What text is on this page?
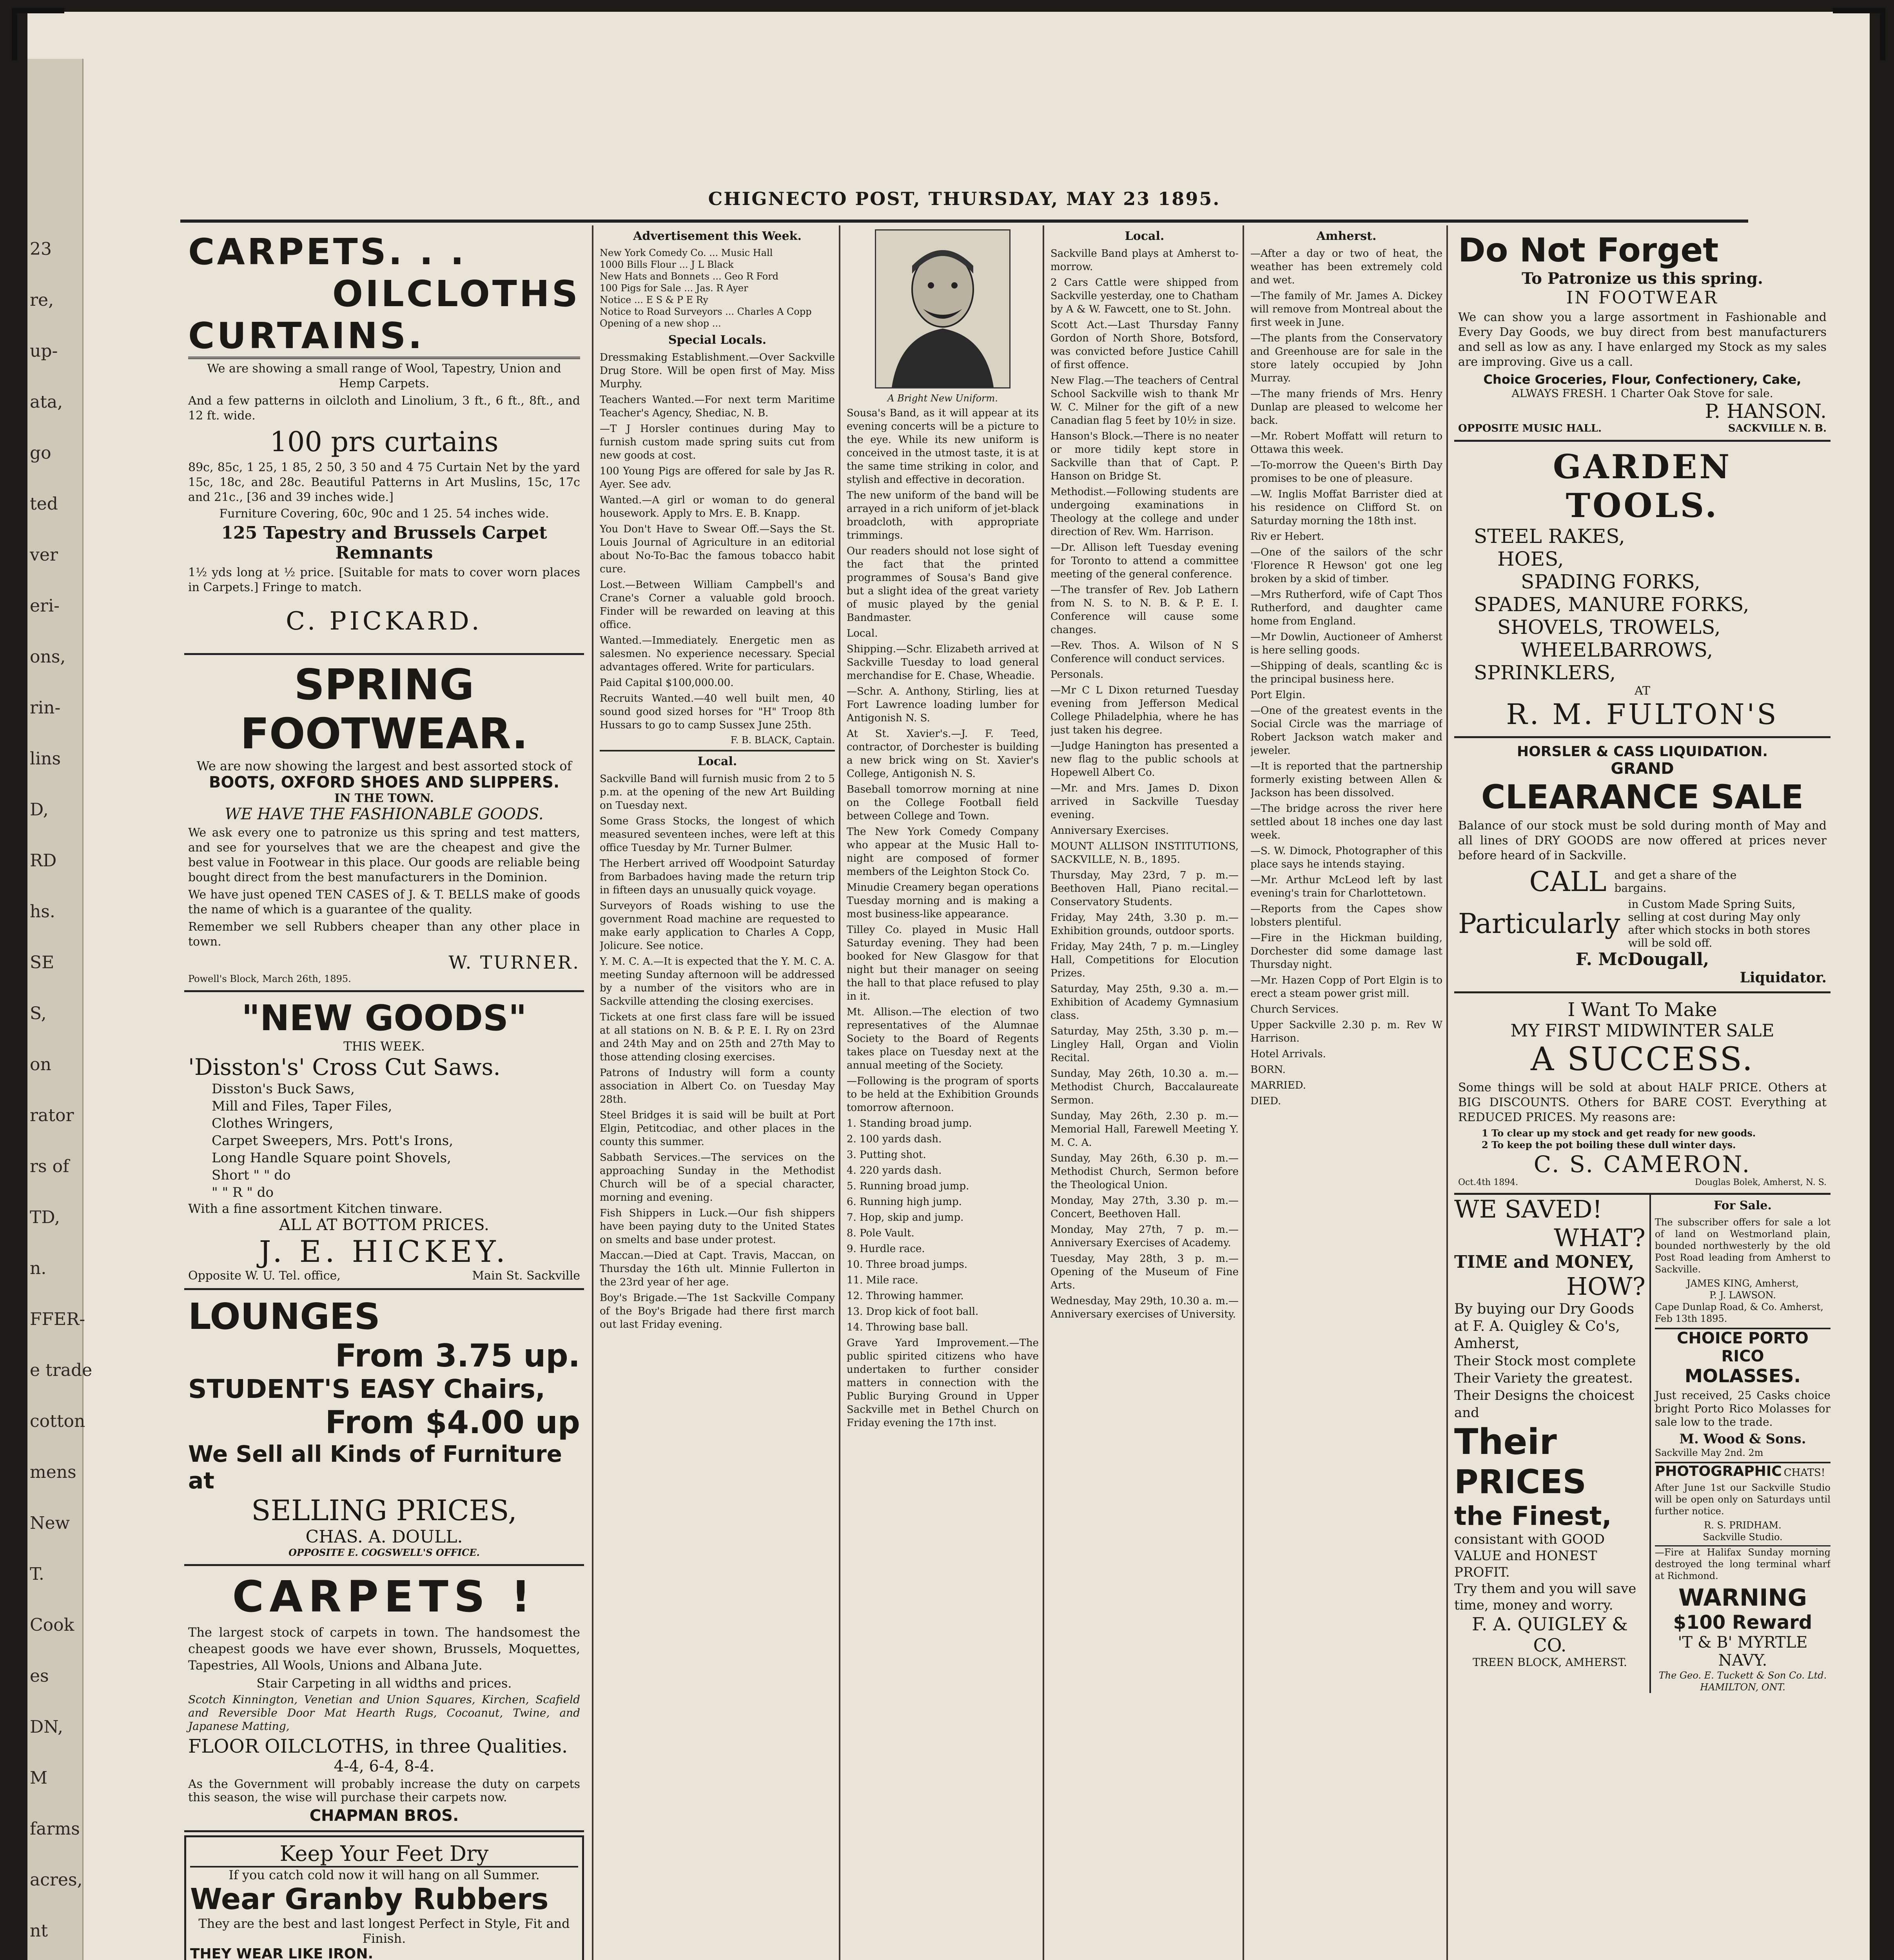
CHIGNECTO POST, THURSDAY, MAY 23 1895.
CARPETS. . .
OILCLOTHS
CURTAINS.

We are showing a small range of Wool, Tapestry, Union and Hemp Carpets.

And a few patterns in oilcloth and Linolium, 3 ft., 6 ft., 8ft., and 12 ft. wide.

100 prs curtains

89c, 85c, 1 25, 1 85, 2 50, 3 50 and 4 75 Curtain Net by the yard 15c, 18c, and 28c. Beautiful Patterns in Art Muslins, 15c, 17c and 21c., [36 and 39 inches wide.]

Furniture Covering, 60c, 90c and 1 25. 54 inches wide.

125 Tapestry and Brussels Carpet Remnants

1½ yds long at ½ price. [Suitable for mats to cover worn places in Carpets.] Fringe to match.

C. PICKARD.
SPRING FOOTWEAR.
We are now showing the largest and best assorted stock of
BOOTS, OXFORD SHOES AND SLIPPERS.
IN THE TOWN.
WE HAVE THE FASHIONABLE GOODS.

We ask every one to patronize us this spring and test matters, and see for yourselves that we are the cheapest and give the best value in Footwear in this place. Our goods are reliable being bought direct from the best manufacturers in the Dominion.

We have just opened TEN CASES of J. & T. BELLS make of goods the name of which is a guarantee of the quality.

Remember we sell Rubbers cheaper than any other place in town.

W. TURNER.
Powell's Block, March 26th, 1895.
"NEW GOODS"
THIS WEEK.
'Disston's' Cross Cut Saws.
Disston's Buck Saws,
Mill and Files, Taper Files,
Clothes Wringers,
Carpet Sweepers, Mrs. Pott's Irons,
Long Handle Square point Shovels,
Short " " do
" " R " do
With a fine assortment Kitchen tinware.
ALL AT BOTTOM PRICES.
J. E. HICKEY.
Opposite W. U. Tel. office,	Main St. Sackville
LOUNGES
From 3.75 up.
STUDENT'S EASY Chairs,
From $4.00 up
We Sell all Kinds of Furniture at
SELLING PRICES,
CHAS. A. DOULL.
OPPOSITE E. COGSWELL'S OFFICE.
CARPETS !

The largest stock of carpets in town. The handsomest the cheapest goods we have ever shown, Brussels, Moquettes, Tapestries, All Wools, Unions and Albana Jute.

Stair Carpeting in all widths and prices.

Scotch Kinnington, Venetian and Union Squares, Kirchen, Scafield and Reversible Door Mat Hearth Rugs, Cocoanut, Twine, and Japanese Matting,

FLOOR OILCLOTHS, in three Qualities.
4-4, 6-4, 8-4.

As the Government will probably increase the duty on carpets this season, the wise will purchase their carpets now.

CHAPMAN BROS.
Keep Your Feet Dry
If you catch cold now it will hang on all Summer.
Wear Granby Rubbers
They are the best and last longest Perfect in Style, Fit and Finish.
THEY WEAR LIKE IRON.
Advertisement this Week.
New York Comedy Co. ... Music Hall
1000 Bills Flour ... J L Black
New Hats and Bonnets ... Geo R Ford
100 Pigs for Sale ... Jas. R Ayer
Notice ... E S & P E Ry
Notice to Road Surveyors ... Charles A Copp
Opening of a new shop ...
Special Locals.
Dressmaking Establishment.—Over Sackville Drug Store. Will be open first of May. Miss Murphy.
Teachers Wanted.—For next term Maritime Teacher's Agency, Shediac, N. B.
—T J Horsler continues during May to furnish custom made spring suits cut from new goods at cost.
100 Young Pigs are offered for sale by Jas R. Ayer. See adv.
Wanted.—A girl or woman to do general housework. Apply to Mrs. E. B. Knapp.
You Don't Have to Swear Off.—Says the St. Louis Journal of Agriculture in an editorial about No-To-Bac the famous tobacco habit cure.
Lost.—Between William Campbell's and Crane's Corner a valuable gold brooch. Finder will be rewarded on leaving at this office.
Wanted.—Immediately. Energetic men as salesmen. No experience necessary. Special advantages offered. Write for particulars.
Paid Capital $100,000.00.
Recruits Wanted.—40 well built men, 40 sound good sized horses for "H" Troop 8th Hussars to go to camp Sussex June 25th.
F. B. BLACK, Captain.
Local.
Sackville Band will furnish music from 2 to 5 p.m. at the opening of the new Art Building on Tuesday next.
Some Grass Stocks, the longest of which measured seventeen inches, were left at this office Tuesday by Mr. Turner Bulmer.
The Herbert arrived off Woodpoint Saturday from Barbadoes having made the return trip in fifteen days an unusually quick voyage.
Surveyors of Roads wishing to use the government Road machine are requested to make early application to Charles A Copp, Jolicure. See notice.
Y. M. C. A.—It is expected that the Y. M. C. A. meeting Sunday afternoon will be addressed by a number of the visitors who are in Sackville attending the closing exercises.
Tickets at one first class fare will be issued at all stations on N. B. & P. E. I. Ry on 23rd and 24th May and on 25th and 27th May to those attending closing exercises.
Patrons of Industry will form a county association in Albert Co. on Tuesday May 28th.
Steel Bridges it is said will be built at Port Elgin, Petitcodiac, and other places in the county this summer.
Sabbath Services.—The services on the approaching Sunday in the Methodist Church will be of a special character, morning and evening.
Fish Shippers in Luck.—Our fish shippers have been paying duty to the United States on smelts and base under protest.
Maccan.—Died at Capt. Travis, Maccan, on Thursday the 16th ult. Minnie Fullerton in the 23rd year of her age.
Boy's Brigade.—The 1st Sackville Company of the Boy's Brigade had there first march out last Friday evening.
A Bright New Uniform.
Sousa's Band, as it will appear at its evening concerts will be a picture to the eye. While its new uniform is conceived in the utmost taste, it is at the same time striking in color, and stylish and effective in decoration.
The new uniform of the band will be arrayed in a rich uniform of jet-black broadcloth, with appropriate trimmings.
Our readers should not lose sight of the fact that the printed programmes of Sousa's Band give but a slight idea of the great variety of music played by the genial Bandmaster.
Local.
Shipping.—Schr. Elizabeth arrived at Sackville Tuesday to load general merchandise for E. Chase, Wheadie.
—Schr. A. Anthony, Stirling, lies at Fort Lawrence loading lumber for Antigonish N. S.
At St. Xavier's.—J. F. Teed, contractor, of Dorchester is building a new brick wing on St. Xavier's College, Antigonish N. S.
Baseball tomorrow morning at nine on the College Football field between College and Town.
The New York Comedy Company who appear at the Music Hall to-night are composed of former members of the Leighton Stock Co.
Minudie Creamery began operations Tuesday morning and is making a most business-like appearance.
Tilley Co. played in Music Hall Saturday evening. They had been booked for New Glasgow for that night but their manager on seeing the hall to that place refused to play in it.
Mt. Allison.—The election of two representatives of the Alumnae Society to the Board of Regents takes place on Tuesday next at the annual meeting of the Society.
—Following is the program of sports to be held at the Exhibition Grounds tomorrow afternoon.
1. Standing broad jump.
2. 100 yards dash.
3. Putting shot.
4. 220 yards dash.
5. Running broad jump.
6. Running high jump.
7. Hop, skip and jump.
8. Pole Vault.
9. Hurdle race.
10. Three broad jumps.
11. Mile race.
12. Throwing hammer.
13. Drop kick of foot ball.
14. Throwing base ball.
Grave Yard Improvement.—The public spirited citizens who have undertaken to further consider matters in connection with the Public Burying Ground in Upper Sackville met in Bethel Church on Friday evening the 17th inst.
Local.
Sackville Band plays at Amherst to-morrow.
2 Cars Cattle were shipped from Sackville yesterday, one to Chatham by A & W. Fawcett, one to St. John.
Scott Act.—Last Thursday Fanny Gordon of North Shore, Botsford, was convicted before Justice Cahill of first offence.
New Flag.—The teachers of Central School Sackville wish to thank Mr W. C. Milner for the gift of a new Canadian flag 5 feet by 10½ in size.
Hanson's Block.—There is no neater or more tidily kept store in Sackville than that of Capt. P. Hanson on Bridge St.
Methodist.—Following students are undergoing examinations in Theology at the college and under direction of Rev. Wm. Harrison.
—Dr. Allison left Tuesday evening for Toronto to attend a committee meeting of the general conference.
—The transfer of Rev. Job Lathern from N. S. to N. B. & P. E. I. Conference will cause some changes.
—Rev. Thos. A. Wilson of N S Conference will conduct services.
Personals.
—Mr C L Dixon returned Tuesday evening from Jefferson Medical College Philadelphia, where he has just taken his degree.
—Judge Hanington has presented a new flag to the public schools at Hopewell Albert Co.
—Mr. and Mrs. James D. Dixon arrived in Sackville Tuesday evening.
Anniversary Exercises.
MOUNT ALLISON INSTITUTIONS, SACKVILLE, N. B., 1895.
Thursday, May 23rd, 7 p. m.—Beethoven Hall, Piano recital.—Conservatory Students.
Friday, May 24th, 3.30 p. m.—Exhibition grounds, outdoor sports.
Friday, May 24th, 7 p. m.—Lingley Hall, Competitions for Elocution Prizes.
Saturday, May 25th, 9.30 a. m.—Exhibition of Academy Gymnasium class.
Saturday, May 25th, 3.30 p. m.—Lingley Hall, Organ and Violin Recital.
Sunday, May 26th, 10.30 a. m.—Methodist Church, Baccalaureate Sermon.
Sunday, May 26th, 2.30 p. m.—Memorial Hall, Farewell Meeting Y. M. C. A.
Sunday, May 26th, 6.30 p. m.—Methodist Church, Sermon before the Theological Union.
Monday, May 27th, 3.30 p. m.—Concert, Beethoven Hall.
Monday, May 27th, 7 p. m.—Anniversary Exercises of Academy.
Tuesday, May 28th, 3 p. m.—Opening of the Museum of Fine Arts.
Wednesday, May 29th, 10.30 a. m.—Anniversary exercises of University.
Amherst.
—After a day or two of heat, the weather has been extremely cold and wet.
—The family of Mr. James A. Dickey will remove from Montreal about the first week in June.
—The plants from the Conservatory and Greenhouse are for sale in the store lately occupied by John Murray.
—The many friends of Mrs. Henry Dunlap are pleased to welcome her back.
—Mr. Robert Moffatt will return to Ottawa this week.
—To-morrow the Queen's Birth Day promises to be one of pleasure.
—W. Inglis Moffat Barrister died at his residence on Clifford St. on Saturday morning the 18th inst.
Riv er Hebert.
—One of the sailors of the schr 'Florence R Hewson' got one leg broken by a skid of timber.
—Mrs Rutherford, wife of Capt Thos Rutherford, and daughter came home from England.
—Mr Dowlin, Auctioneer of Amherst is here selling goods.
—Shipping of deals, scantling &c is the principal business here.
Port Elgin.
—One of the greatest events in the Social Circle was the marriage of Robert Jackson watch maker and jeweler.
—It is reported that the partnership formerly existing between Allen & Jackson has been dissolved.
—The bridge across the river here settled about 18 inches one day last week.
—S. W. Dimock, Photographer of this place says he intends staying.
—Mr. Arthur McLeod left by last evening's train for Charlottetown.
—Reports from the Capes show lobsters plentiful.
—Fire in the Hickman building, Dorchester did some damage last Thursday night.
—Mr. Hazen Copp of Port Elgin is to erect a steam power grist mill.
Church Services.
Upper Sackville 2.30 p. m. Rev W Harrison.
Hotel Arrivals.
BORN.
MARRIED.
DIED.
Do Not Forget
To Patronize us this spring.
IN FOOTWEAR

We can show you a large assortment in Fashionable and Every Day Goods, we buy direct from best manufacturers and sell as low as any. I have enlarged my Stock as my sales are improving. Give us a call.

Choice Groceries, Flour, Confectionery, Cake,
ALWAYS FRESH. 1 Charter Oak Stove for sale.
P. HANSON.
OPPOSITE MUSIC HALL.	SACKVILLE N. B.
GARDEN
TOOLS.
STEEL RAKES,
HOES,
SPADING FORKS,
SPADES, MANURE FORKS,
SHOVELS, TROWELS,
WHEELBARROWS,
SPRINKLERS,
AT
R. M. FULTON'S
HORSLER & CASS LIQUIDATION.
GRAND
CLEARANCE SALE

Balance of our stock must be sold during month of May and all lines of DRY GOODS are now offered at prices never before heard of in Sackville.

CALL and get a share of the bargains.
Particularly
in Custom Made Spring Suits, selling at cost during May only after which stocks in both stores will be sold off.
F. McDougall,
Liquidator.
I Want To Make
MY FIRST MIDWINTER SALE
A SUCCESS.

Some things will be sold at about HALF PRICE. Others at BIG DISCOUNTS. Others for BARE COST. Everything at REDUCED PRICES. My reasons are:

1 To clear up my stock and get ready for new goods.
2 To keep the pot boiling these dull winter days.
C. S. CAMERON.
Oct.4th 1894.	Douglas Bolek, Amherst, N. S.
WE SAVED!
WHAT?
TIME and MONEY,
HOW?
By buying our Dry Goods at F. A. Quigley & Co's, Amherst,
Their Stock most complete Their Variety the greatest. Their Designs the choicest and
Their
PRICES
the Finest,
consistant with GOOD VALUE and HONEST PROFIT.
Try them and you will save time, money and worry.
F. A. QUIGLEY & CO.
TREEN BLOCK, AMHERST.
For Sale.

The subscriber offers for sale a lot of land on Westmorland plain, bounded northwesterly by the old Post Road leading from Amherst to Sackville.

JAMES KING, Amherst,
P. J. LAWSON.
Cape Dunlap Road, & Co. Amherst, Feb 13th 1895.
CHOICE PORTO RICO
MOLASSES.

Just received, 25 Casks choice bright Porto Rico Molasses for sale low to the trade.

M. Wood & Sons.
Sackville May 2nd. 2m
PHOTOGRAPHIC CHATS!

After June 1st our Sackville Studio will be open only on Saturdays until further notice.

R. S. PRIDHAM.
Sackville Studio.

—Fire at Halifax Sunday morning destroyed the long terminal wharf at Richmond.

WARNING
$100 Reward
'T & B' MYRTLE NAVY.
The Geo. E. Tuckett & Son Co. Ltd. HAMILTON, ONT.
23
re,
up-
ata,
go
ted
ver
eri-
ons,
rin-
lins
D,
RD
hs.
SE
S,
on
rator
rs of
TD,
n.
FFER-
e trade
cotton
mens
New
T.
Cook
es
DN,
M
farms
acres,
nt
